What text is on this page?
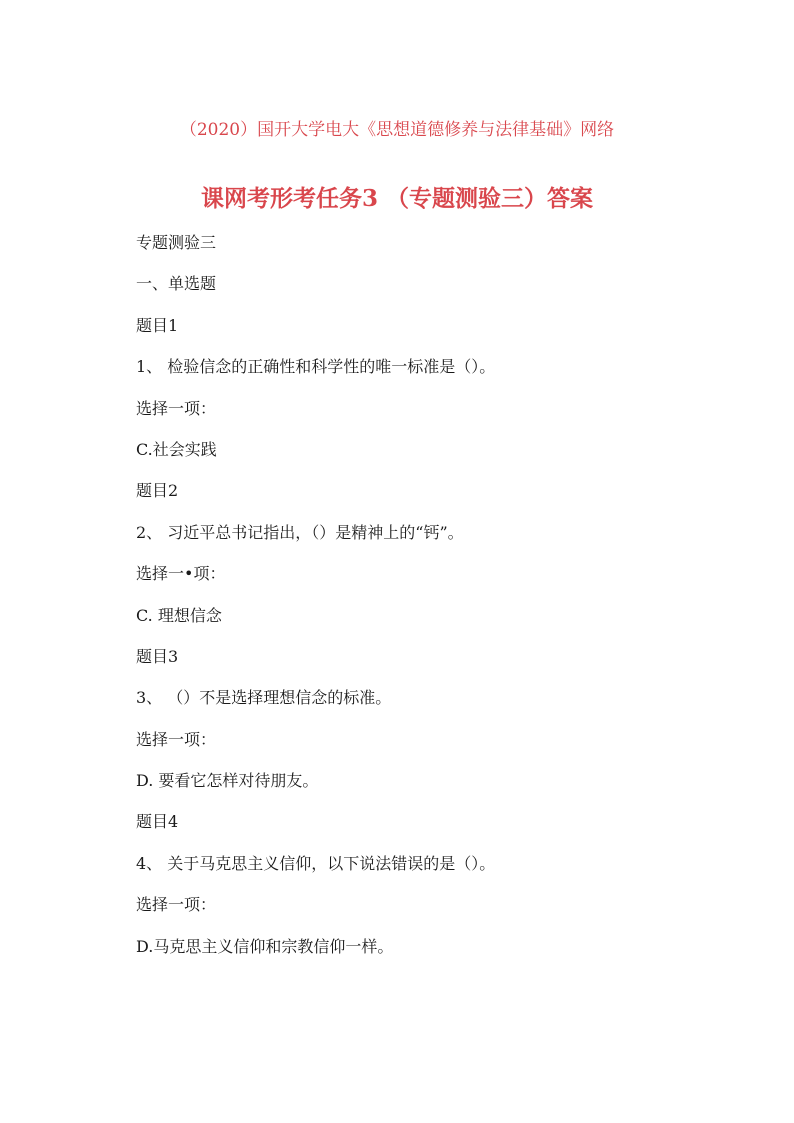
（2020）国开大学电大《思想道德修养与法律基础》网络
课网考形考任务3 （专题测验三）答案
专题测验三
一、单选题
题目1
1、 检验信念的正确性和科学性的唯一标准是（）。
选择一项：
C.社会实践
题目2
2、 习近平总书记指出，（）是精神上的“钙”。
选择一•项：
C. 理想信念
题目3
3、 （）不是选择理想信念的标准。
选择一项：
D. 要看它怎样对待朋友。
题目4
4、 关于马克思主义信仰，以下说法错误的是（）。
选择一项：
D.马克思主义信仰和宗教信仰一样。
